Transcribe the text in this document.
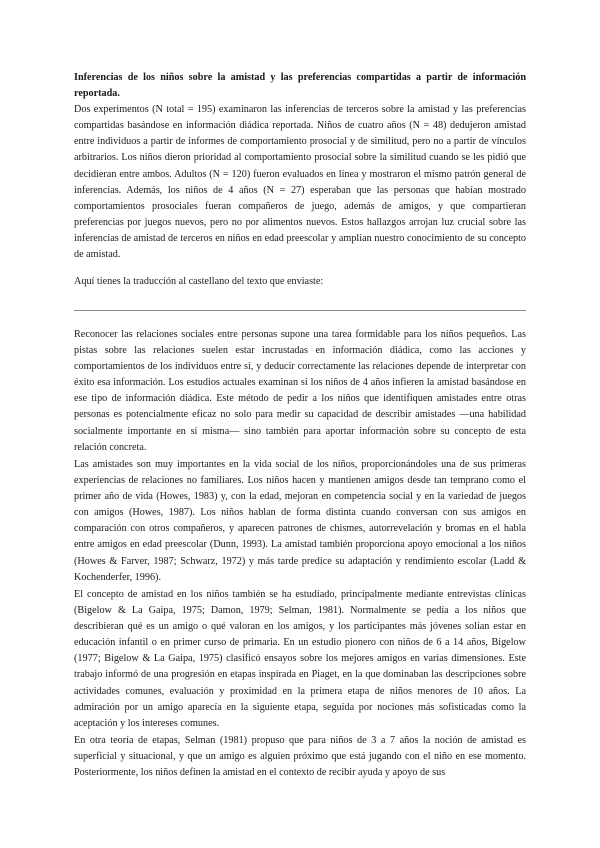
Inferencias de los niños sobre la amistad y las preferencias compartidas a partir de información reportada.

Dos experimentos (N total = 195) examinaron las inferencias de terceros sobre la amistad y las preferencias compartidas basándose en información diádica reportada. Niños de cuatro años (N = 48) dedujeron amistad entre individuos a partir de informes de comportamiento prosocial y de similitud, pero no a partir de vínculos arbitrarios. Los niños dieron prioridad al comportamiento prosocial sobre la similitud cuando se les pidió que decidieran entre ambos. Adultos (N = 120) fueron evaluados en línea y mostraron el mismo patrón general de inferencias. Además, los niños de 4 años (N = 27) esperaban que las personas que habían mostrado comportamientos prosociales fueran compañeros de juego, además de amigos, y que compartieran preferencias por juegos nuevos, pero no por alimentos nuevos. Estos hallazgos arrojan luz crucial sobre las inferencias de amistad de terceros en niños en edad preescolar y amplían nuestro conocimiento de su concepto de amistad.

Aquí tienes la traducción al castellano del texto que enviaste:

Reconocer las relaciones sociales entre personas supone una tarea formidable para los niños pequeños. Las pistas sobre las relaciones suelen estar incrustadas en información diádica, como las acciones y comportamientos de los individuos entre sí, y deducir correctamente las relaciones depende de interpretar con éxito esa información. Los estudios actuales examinan si los niños de 4 años infieren la amistad basándose en ese tipo de información diádica. Este método de pedir a los niños que identifiquen amistades entre otras personas es potencialmente eficaz no solo para medir su capacidad de describir amistades —una habilidad socialmente importante en sí misma— sino también para aportar información sobre su concepto de esta relación concreta.

Las amistades son muy importantes en la vida social de los niños, proporcionándoles una de sus primeras experiencias de relaciones no familiares. Los niños hacen y mantienen amigos desde tan temprano como el primer año de vida (Howes, 1983) y, con la edad, mejoran en competencia social y en la variedad de juegos con amigos (Howes, 1987). Los niños hablan de forma distinta cuando conversan con sus amigos en comparación con otros compañeros, y aparecen patrones de chismes, autorrevelación y bromas en el habla entre amigos en edad preescolar (Dunn, 1993). La amistad también proporciona apoyo emocional a los niños (Howes & Farver, 1987; Schwarz, 1972) y más tarde predice su adaptación y rendimiento escolar (Ladd & Kochenderfer, 1996).

El concepto de amistad en los niños también se ha estudiado, principalmente mediante entrevistas clínicas (Bigelow & La Gaipa, 1975; Damon, 1979; Selman, 1981). Normalmente se pedía a los niños que describieran qué es un amigo o qué valoran en los amigos, y los participantes más jóvenes solían estar en educación infantil o en primer curso de primaria. En un estudio pionero con niños de 6 a 14 años, Bigelow (1977; Bigelow & La Gaipa, 1975) clasificó ensayos sobre los mejores amigos en varias dimensiones. Este trabajo informó de una progresión en etapas inspirada en Piaget, en la que dominaban las descripciones sobre actividades comunes, evaluación y proximidad en la primera etapa de niños menores de 10 años. La admiración por un amigo aparecía en la siguiente etapa, seguida por nociones más sofisticadas como la aceptación y los intereses comunes.

En otra teoría de etapas, Selman (1981) propuso que para niños de 3 a 7 años la noción de amistad es superficial y situacional, y que un amigo es alguien próximo que está jugando con el niño en ese momento. Posteriormente, los niños definen la amistad en el contexto de recibir ayuda y apoyo de sus
